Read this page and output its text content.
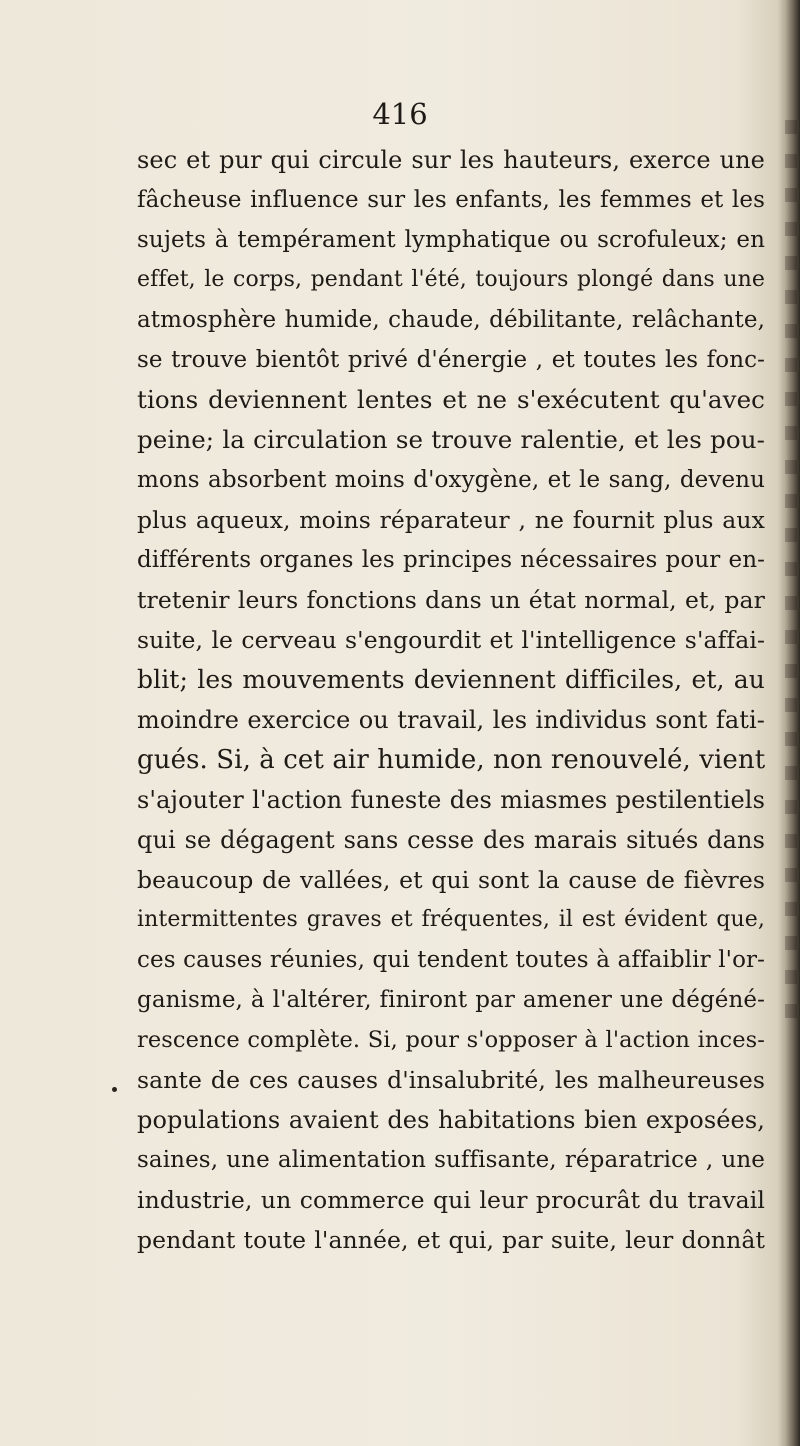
416
sec et pur qui circule sur les hauteurs, exerce une
fâcheuse influence sur les enfants, les femmes et les
sujets à tempérament lymphatique ou scrofuleux; en
effet, le corps, pendant l'été, toujours plongé dans une
atmosphère humide, chaude, débilitante, relâchante,
se trouve bientôt privé d'énergie , et toutes les fonc-
tions deviennent lentes et ne s'exécutent qu'avec
peine; la circulation se trouve ralentie, et les pou-
mons absorbent moins d'oxygène, et le sang, devenu
plus aqueux, moins réparateur , ne fournit plus aux
différents organes les principes nécessaires pour en-
tretenir leurs fonctions dans un état normal, et, par
suite, le cerveau s'engourdit et l'intelligence s'affai-
blit; les mouvements deviennent difficiles, et, au
moindre exercice ou travail, les individus sont fati-
gués. Si, à cet air humide, non renouvelé, vient
s'ajouter l'action funeste des miasmes pestilentiels
qui se dégagent sans cesse des marais situés dans
beaucoup de vallées, et qui sont la cause de fièvres
intermittentes graves et fréquentes, il est évident que,
ces causes réunies, qui tendent toutes à affaiblir l'or-
ganisme, à l'altérer, finiront par amener une dégéné-
rescence complète. Si, pour s'opposer à l'action inces-
sante de ces causes d'insalubrité, les malheureuses
populations avaient des habitations bien exposées,
saines, une alimentation suffisante, réparatrice , une
industrie, un commerce qui leur procurât du travail
pendant toute l'année, et qui, par suite, leur donnât
